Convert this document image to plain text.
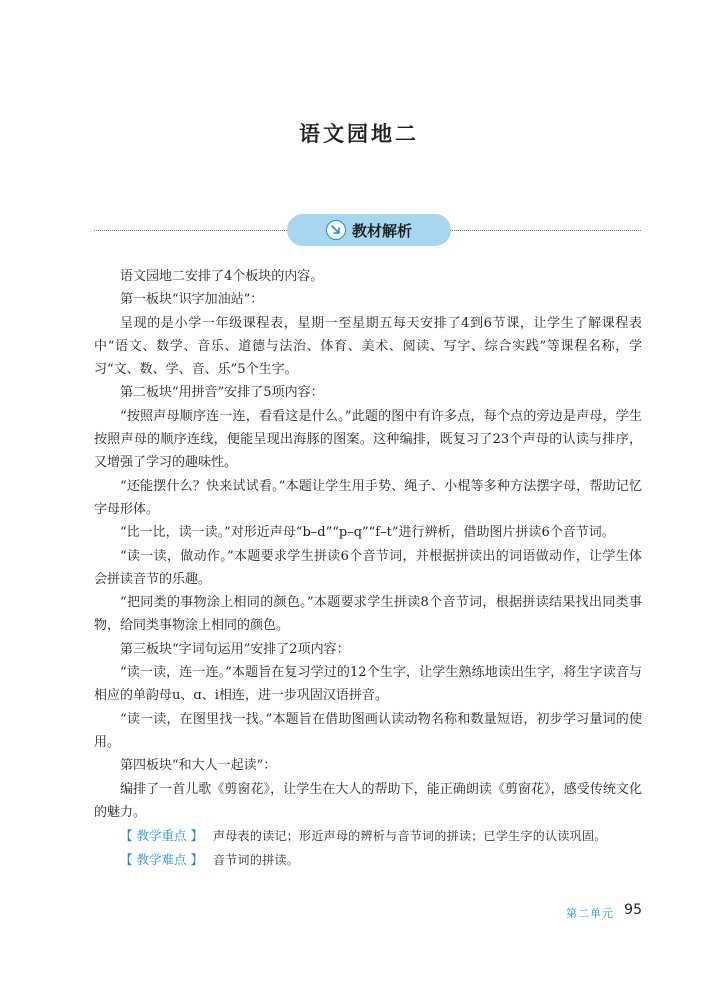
语文园地二
教材解析

语文园地二安排了4个板块的内容。

第一板块“识字加油站”：

呈现的是小学一年级课程表，星期一至星期五每天安排了4到6节课，让学生了解课程表中“语文、数学、音乐、道德与法治、体育、美术、阅读、写字、综合实践”等课程名称，学习“文、数、学、音、乐”5个生字。

第二板块“用拼音”安排了5项内容：

“按照声母顺序连一连，看看这是什么。”此题的图中有许多点，每个点的旁边是声母，学生按照声母的顺序连线，便能呈现出海豚的图案。这种编排，既复习了23个声母的认读与排序，又增强了学习的趣味性。

“还能摆什么？快来试试看。”本题让学生用手势、绳子、小棍等多种方法摆字母，帮助记忆字母形体。

“比一比，读一读。”对形近声母“b–d”“p–q”“f–t”进行辨析，借助图片拼读6个音节词。

“读一读，做动作。”本题要求学生拼读6个音节词，并根据拼读出的词语做动作，让学生体会拼读音节的乐趣。

“把同类的事物涂上相同的颜色。”本题要求学生拼读8个音节词，根据拼读结果找出同类事物，给同类事物涂上相同的颜色。

第三板块“字词句运用”安排了2项内容：

“读一读，连一连。”本题旨在复习学过的12个生字，让学生熟练地读出生字，将生字读音与相应的单韵母u、ɑ、i相连，进一步巩固汉语拼音。

“读一读，在图里找一找。”本题旨在借助图画认读动物名称和数量短语，初步学习量词的使用。

第四板块“和大人一起读”：

编排了一首儿歌《剪窗花》，让学生在大人的帮助下，能正确朗读《剪窗花》，感受传统文化的魅力。

【 教学重点 】 声母表的读记；形近声母的辨析与音节词的拼读；已学生字的认读巩固。
【 教学难点 】 音节词的拼读。
第二单元 95
